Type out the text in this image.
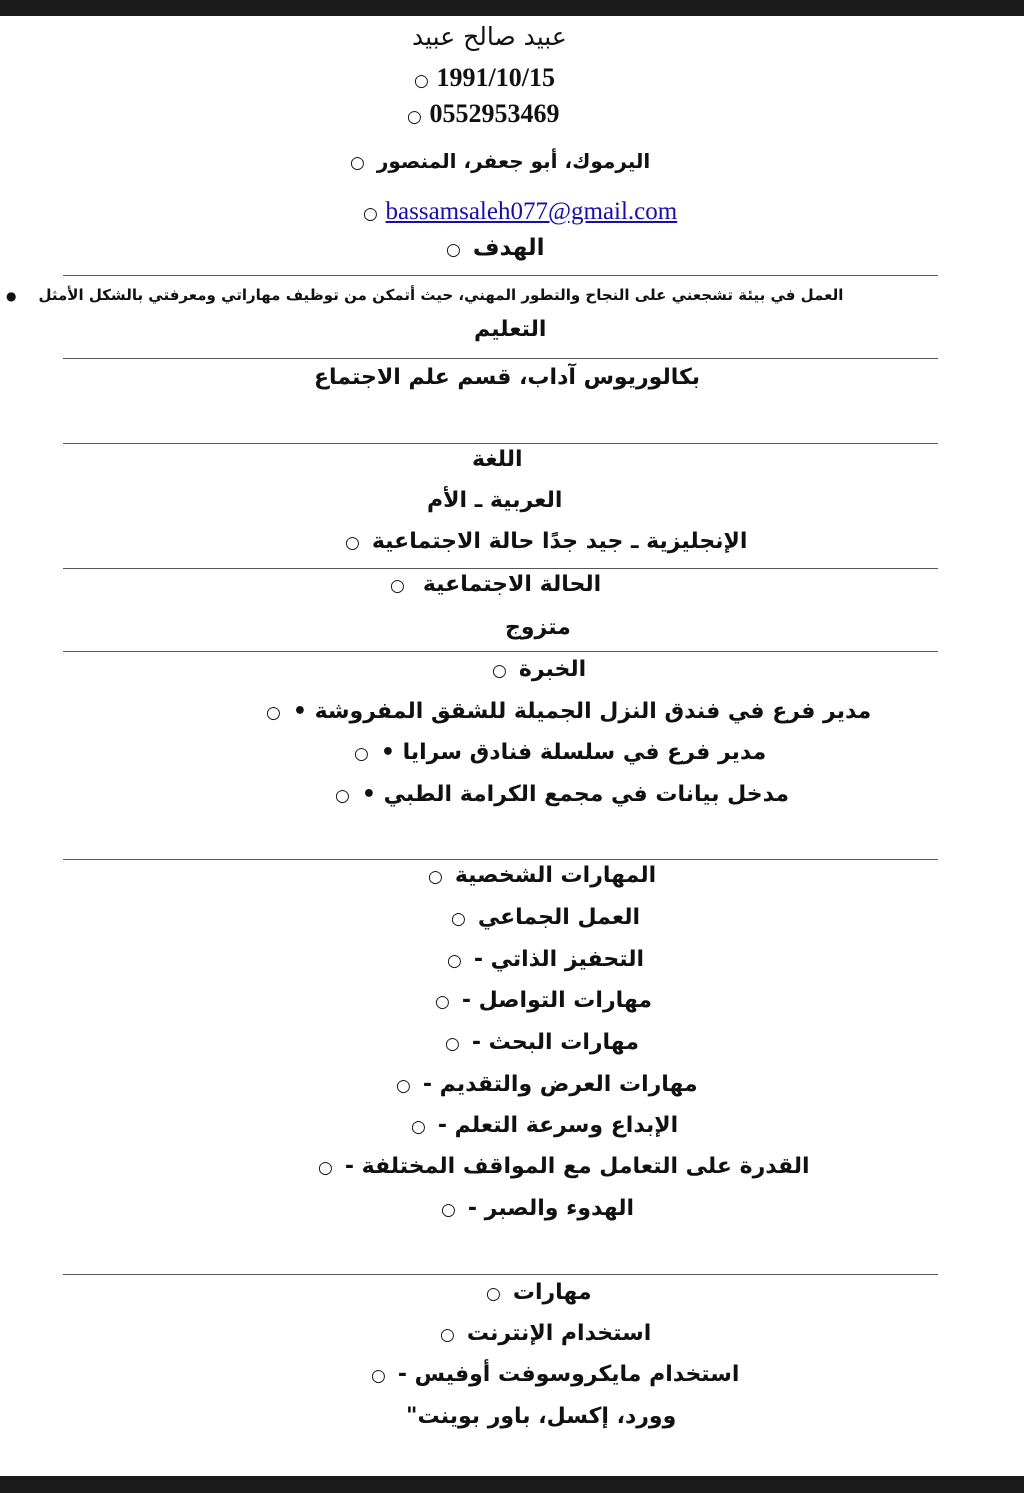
عبيد صالح عبيد
○ 1991/10/15
○ 0552953469
اليرموك، أبو جعفر، المنصور○
○ bassamsaleh077@gmail.com
الهدف○
العمل في بيئة تشجعني على النجاح والتطور المهني، حيث أتمكن من توظيف مهاراتي ومعرفتي بالشكل الأمثل●
التعليم
بكالوريوس آداب، قسم علم الاجتماع
اللغة
العربية ـ الأم
الإنجليزية ـ جيد جدًا حالة الاجتماعية○
الحالة الاجتماعية○
متزوج
الخبرة○
مدير فرع في فندق النزل الجميلة للشقق المفروشة •○
مدير فرع في سلسلة فنادق سرايا •○
مدخل بيانات في مجمع الكرامة الطبي •○
المهارات الشخصية○
العمل الجماعي○
التحفيز الذاتي -○
مهارات التواصل -○
مهارات البحث -○
مهارات العرض والتقديم -○
الإبداع وسرعة التعلم -○
القدرة على التعامل مع المواقف المختلفة -○
الهدوء والصبر -○
مهارات○
استخدام الإنترنت○
استخدام مايكروسوفت أوفيس -○
وورد، إكسل، باور بوينت"
